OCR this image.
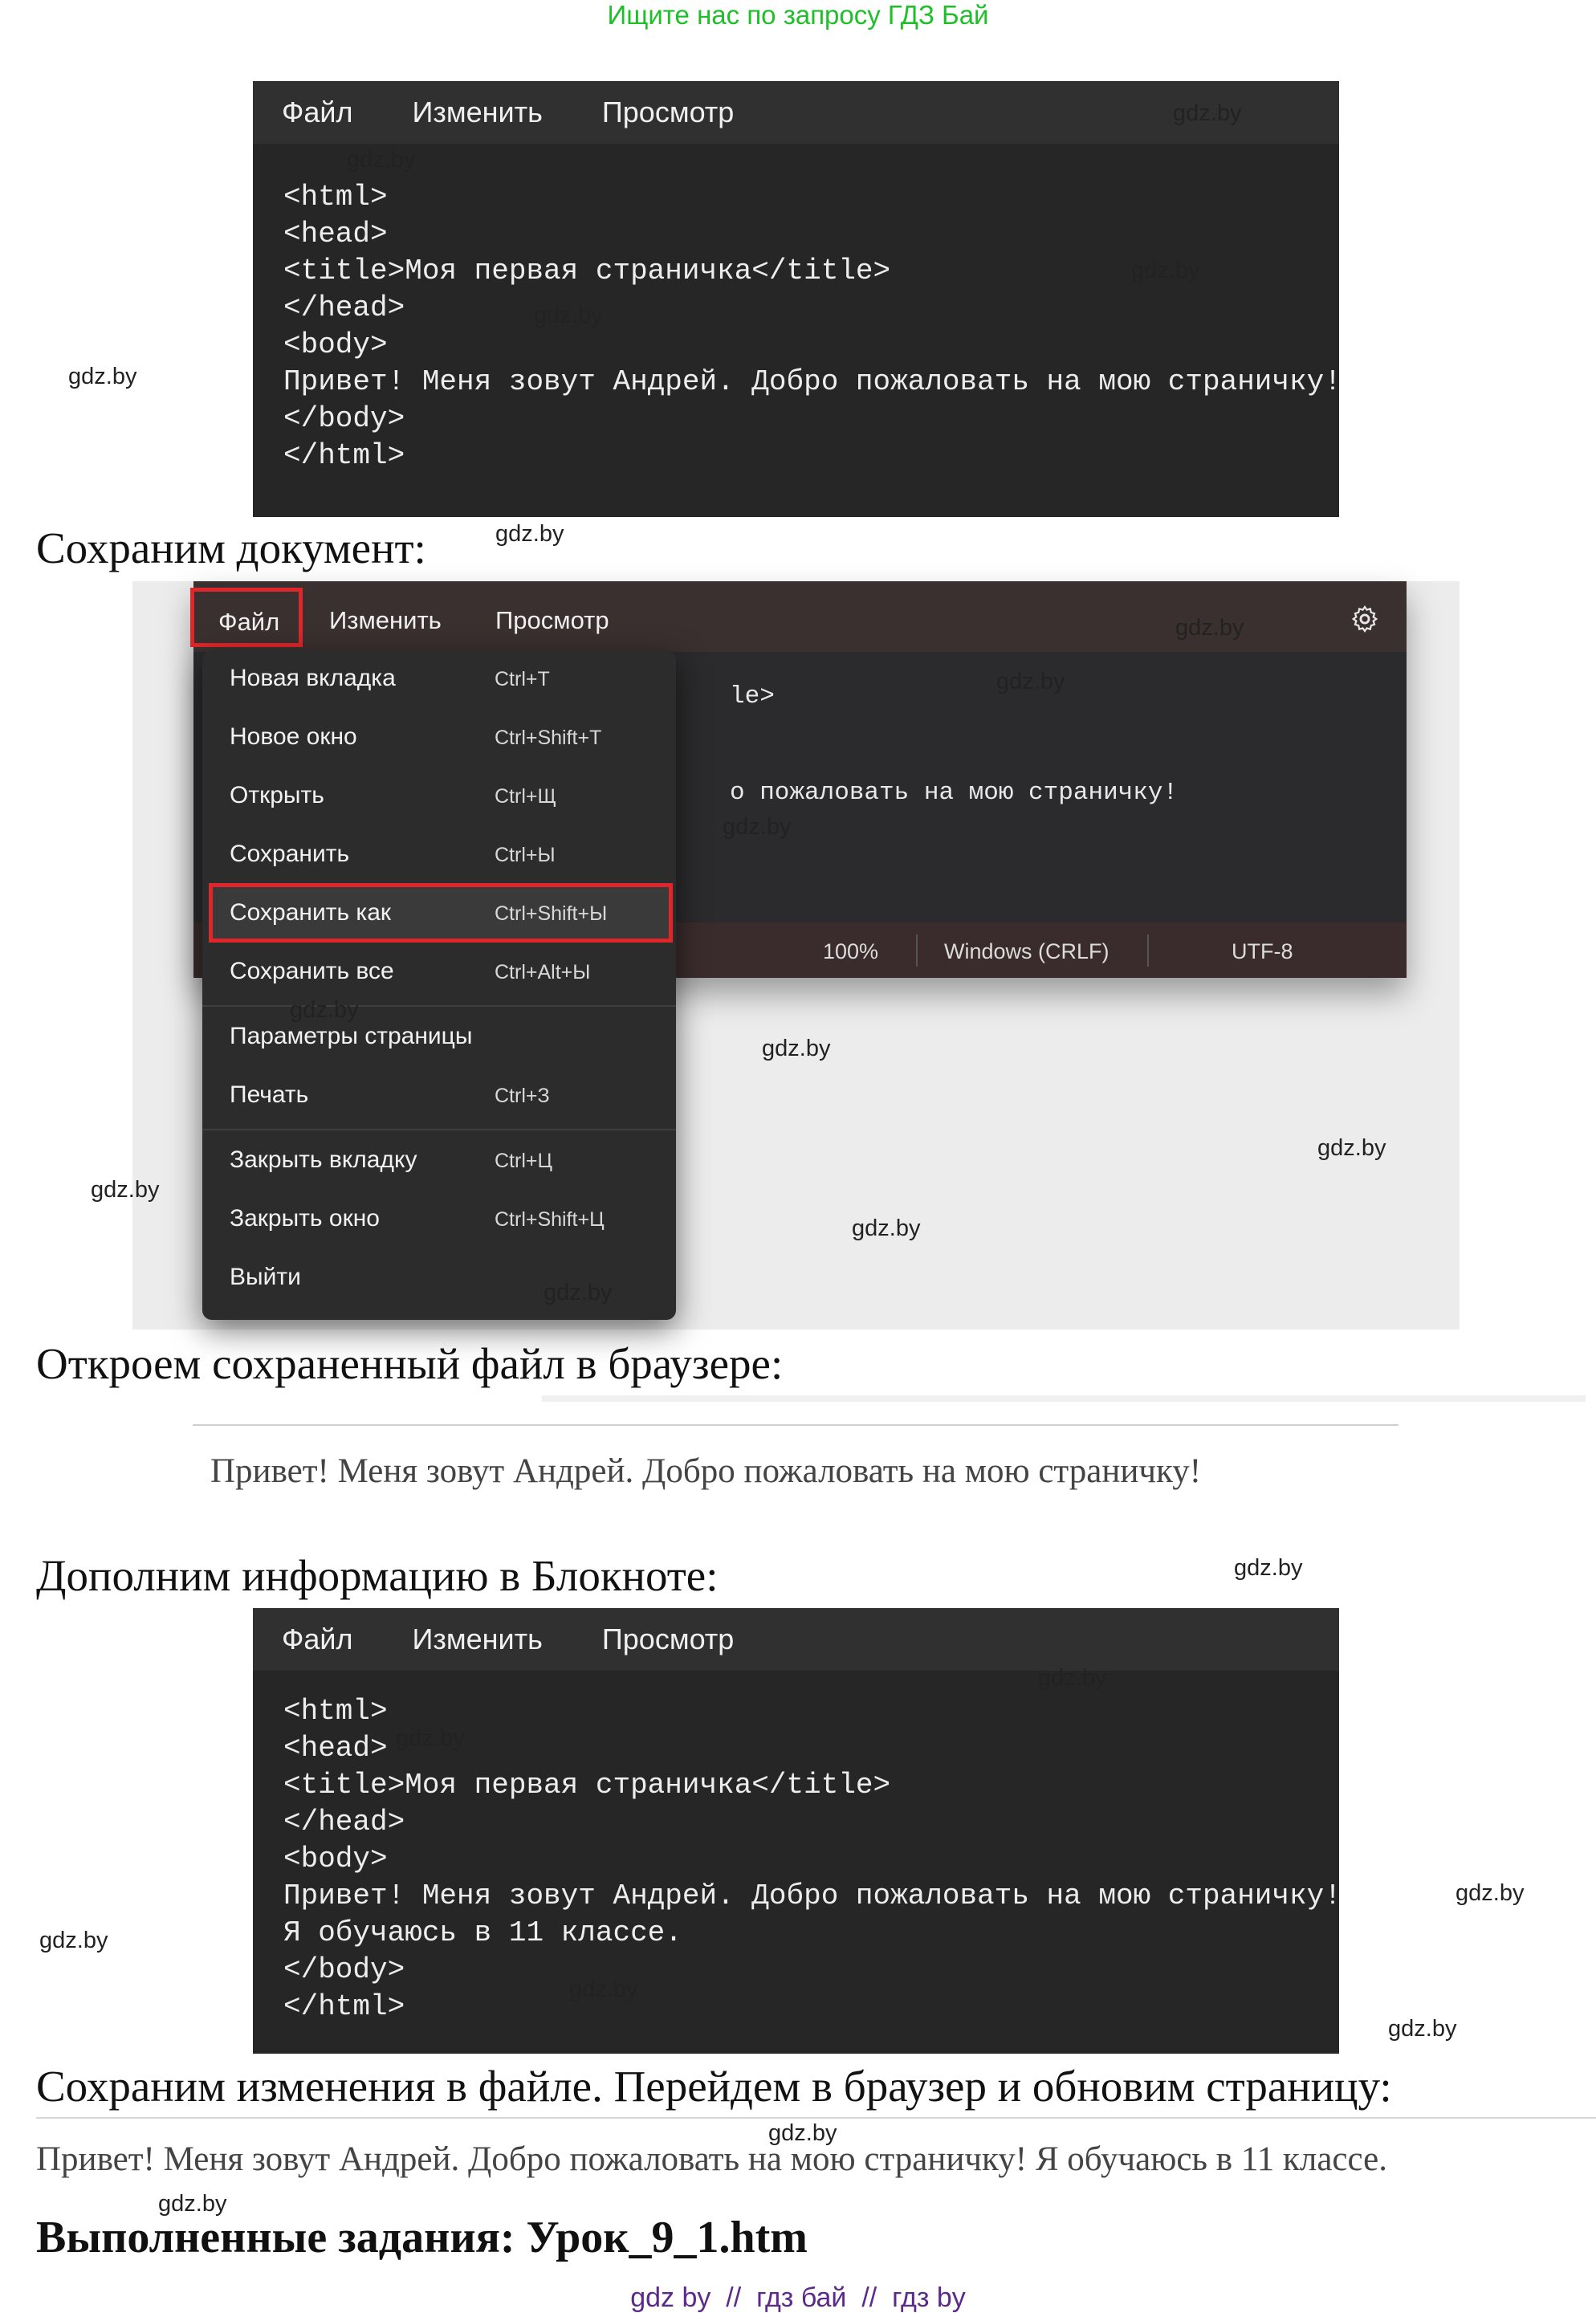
Ищите нас по запросу ГДЗ Бай
Файл Изменить Просмотр
<html>
<head>
<title>Моя первая страничка</title>
</head>
<body>
Привет! Меня зовут Андрей. Добро пожаловать на мою страничку!
</body>
</html>
Сохраним документ:
Изменить Просмотр
le>
о пожаловать на мою страничку!
100%	Windows (CRLF)	UTF-8
Файл
Новая вкладка	Ctrl+T
Новое окно	Ctrl+Shift+T
Открыть	Ctrl+Щ
Сохранить	Ctrl+Ы
Сохранить как	Ctrl+Shift+Ы
Сохранить все	Ctrl+Alt+Ы
Параметры страницы
Печать	Ctrl+З
Закрыть вкладку	Ctrl+Ц
Закрыть окно	Ctrl+Shift+Ц
Выйти
Откроем сохраненный файл в браузере:
Привет! Меня зовут Андрей. Добро пожаловать на мою страничку!
Дополним информацию в Блокноте:
Файл Изменить Просмотр
<html>
<head>
<title>Моя первая страничка</title>
</head>
<body>
Привет! Меня зовут Андрей. Добро пожаловать на мою страничку!
Я обучаюсь в 11 классе.
</body>
</html>
Сохраним изменения в файле. Перейдем в браузер и обновим страницу:
Привет! Меня зовут Андрей. Добро пожаловать на мою страничку! Я обучаюсь в 11 классе.
Выполненные задания: Урок_9_1.htm
gdz by  //  гдз бай  //  гдз by
gdz.by
gdz.by
gdz.by
gdz.by
gdz.by
gdz.by
gdz.by
gdz.by
gdz.by
gdz.by
gdz.by
gdz.by
gdz.by
gdz.by
gdz.by
gdz.by
gdz.by
gdz.by
gdz.by
gdz.by
gdz.by
gdz.by
gdz.by
gdz.by
